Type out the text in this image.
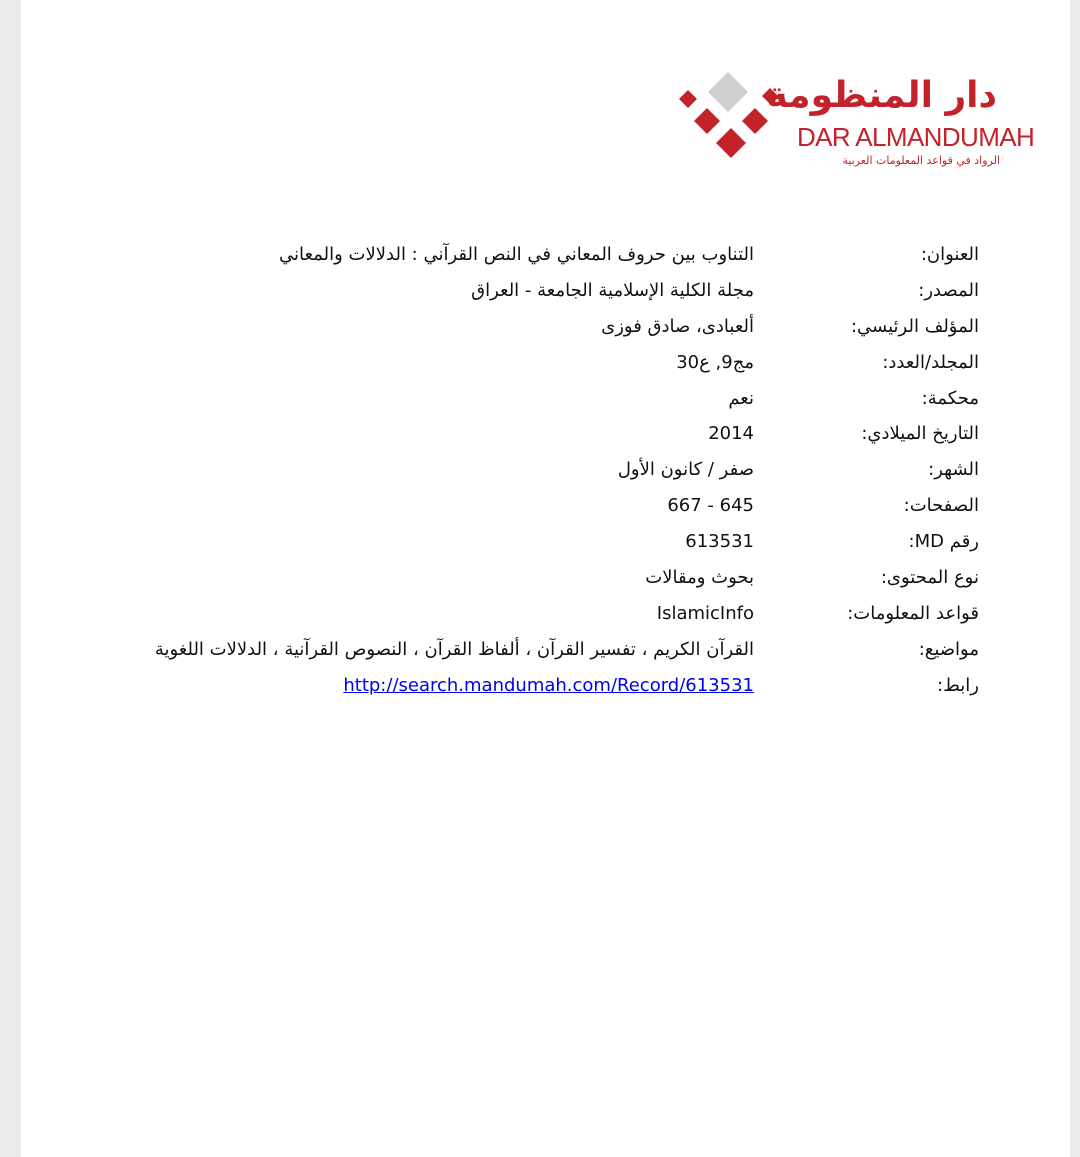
دار المنظومة
DAR ALMANDUMAH
الرواد في قواعد المعلومات العربية
العنوان:
التناوب بين حروف المعاني في النص القرآني : الدلالات والمعاني
المصدر:
مجلة الكلية الإسلامية الجامعة - العراق
المؤلف الرئيسي:
ألعبادى، صادق فوزى
المجلد/العدد:
مج9, ع30
محكمة:
نعم
التاريخ الميلادي:
2014
الشهر:
صفر / كانون الأول
الصفحات:
645 - 667
رقم MD:
613531
نوع المحتوى:
بحوث ومقالات
قواعد المعلومات:
IslamicInfo
مواضيع:
القرآن الكريم ، تفسير القرآن ، ألفاظ القرآن ، النصوص القرآنية ، الدلالات اللغوية
رابط:
http://search.mandumah.com/Record/613531
